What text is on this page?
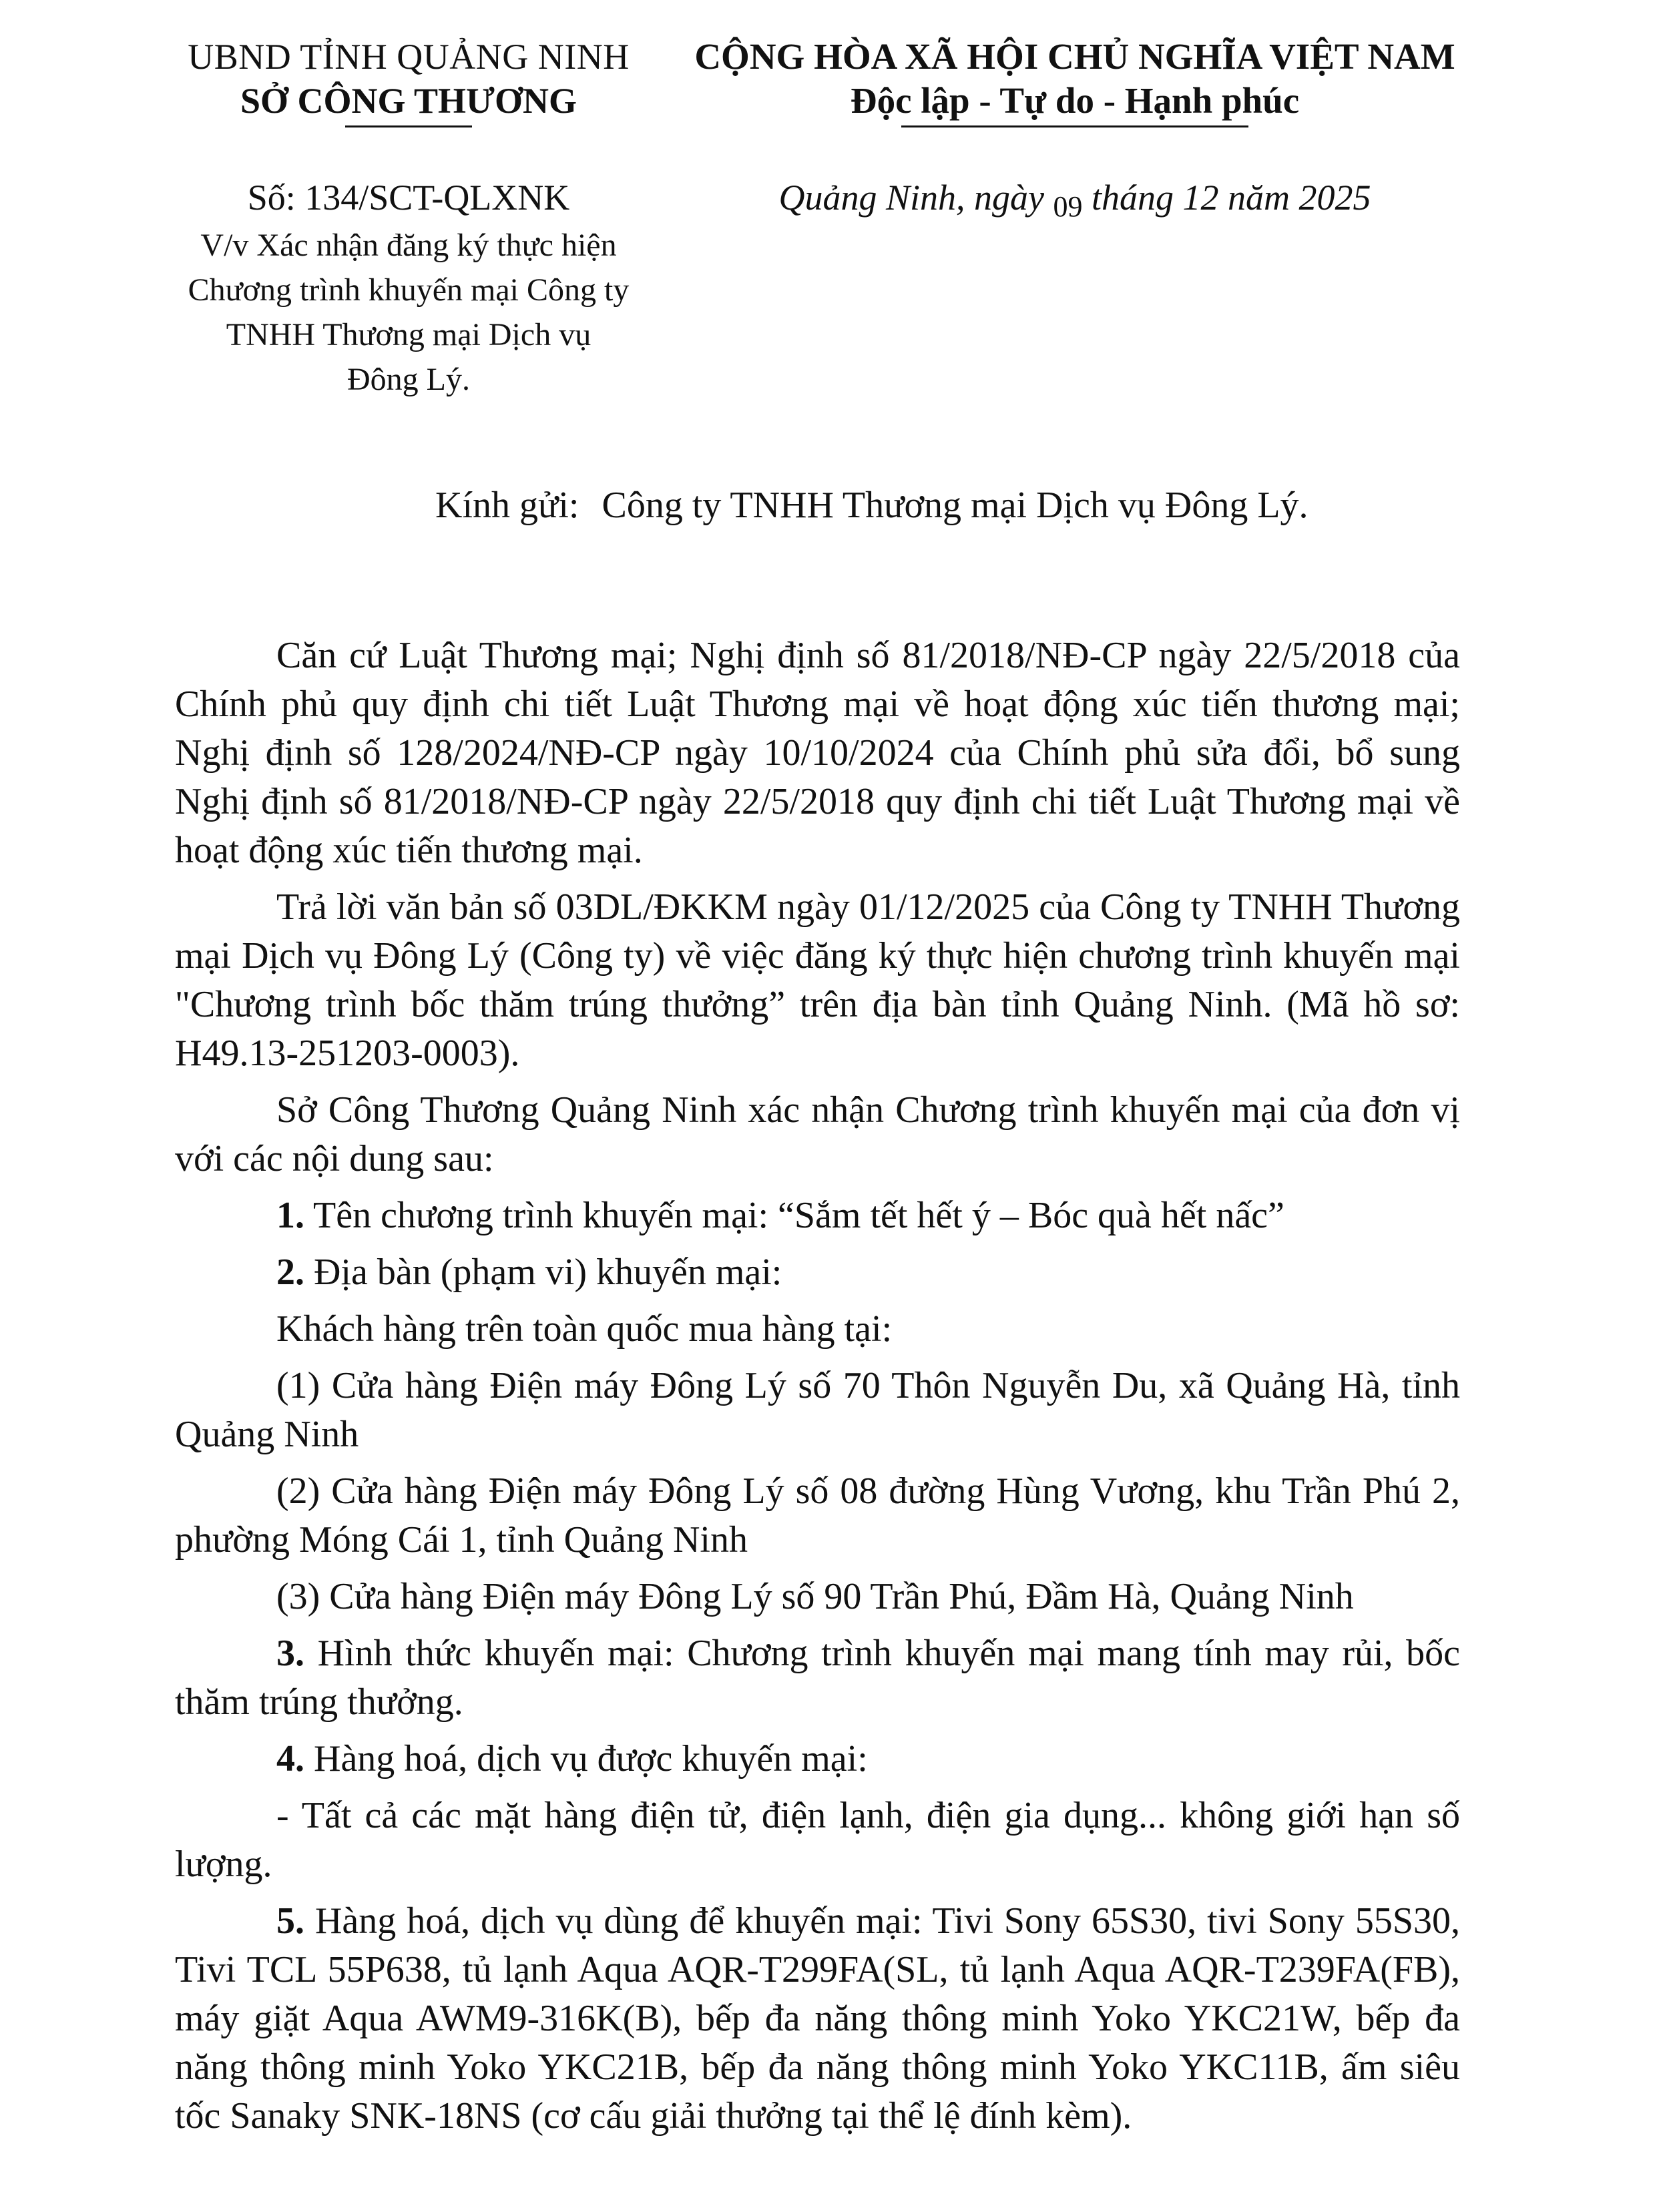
UBND TỈNH QUẢNG NINH
SỞ CÔNG THƯƠNG
CỘNG HÒA XÃ HỘI CHỦ NGHĨA VIỆT NAM
Độc lập - Tự do - Hạnh phúc
Số: 134/SCT-QLXNK
V/v Xác nhận đăng ký thực hiện
Chương trình khuyến mại Công ty
TNHH Thương mại Dịch vụ
Đông Lý.
Quảng Ninh, ngày 09 tháng 12 năm 2025
Kính gửi: Công ty TNHH Thương mại Dịch vụ Đông Lý.

Căn cứ Luật Thương mại; Nghị định số 81/2018/NĐ-CP ngày 22/5/2018 của Chính phủ quy định chi tiết Luật Thương mại về hoạt động xúc tiến thương mại; Nghị định số 128/2024/NĐ-CP ngày 10/10/2024 của Chính phủ sửa đổi, bổ sung Nghị định số 81/2018/NĐ-CP ngày 22/5/2018 quy định chi tiết Luật Thương mại về hoạt động xúc tiến thương mại.

Trả lời văn bản số 03DL/ĐKKM ngày 01/12/2025 của Công ty TNHH Thương mại Dịch vụ Đông Lý (Công ty) về việc đăng ký thực hiện chương trình khuyến mại "Chương trình bốc thăm trúng thưởng” trên địa bàn tỉnh Quảng Ninh. (Mã hồ sơ: H49.13-251203-0003).

Sở Công Thương Quảng Ninh xác nhận Chương trình khuyến mại của đơn vị với các nội dung sau:

1. Tên chương trình khuyến mại: “Sắm tết hết ý – Bóc quà hết nấc”

2. Địa bàn (phạm vi) khuyến mại:

Khách hàng trên toàn quốc mua hàng tại:

(1) Cửa hàng Điện máy Đông Lý số 70 Thôn Nguyễn Du, xã Quảng Hà, tỉnh Quảng Ninh

(2) Cửa hàng Điện máy Đông Lý số 08 đường Hùng Vương, khu Trần Phú 2, phường Móng Cái 1, tỉnh Quảng Ninh

(3) Cửa hàng Điện máy Đông Lý số 90 Trần Phú, Đầm Hà, Quảng Ninh

3. Hình thức khuyến mại: Chương trình khuyến mại mang tính may rủi, bốc thăm trúng thưởng.

4. Hàng hoá, dịch vụ được khuyến mại:

- Tất cả các mặt hàng điện tử, điện lạnh, điện gia dụng... không giới hạn số lượng.

5. Hàng hoá, dịch vụ dùng để khuyến mại: Tivi Sony 65S30, tivi Sony 55S30, Tivi TCL 55P638, tủ lạnh Aqua AQR-T299FA(SL, tủ lạnh Aqua AQR-T239FA(FB), máy giặt Aqua AWM9-316K(B), bếp đa năng thông minh Yoko YKC21W, bếp đa năng thông minh Yoko YKC21B, bếp đa năng thông minh Yoko YKC11B, ấm siêu tốc Sanaky SNK-18NS (cơ cấu giải thưởng tại thể lệ đính kèm).
